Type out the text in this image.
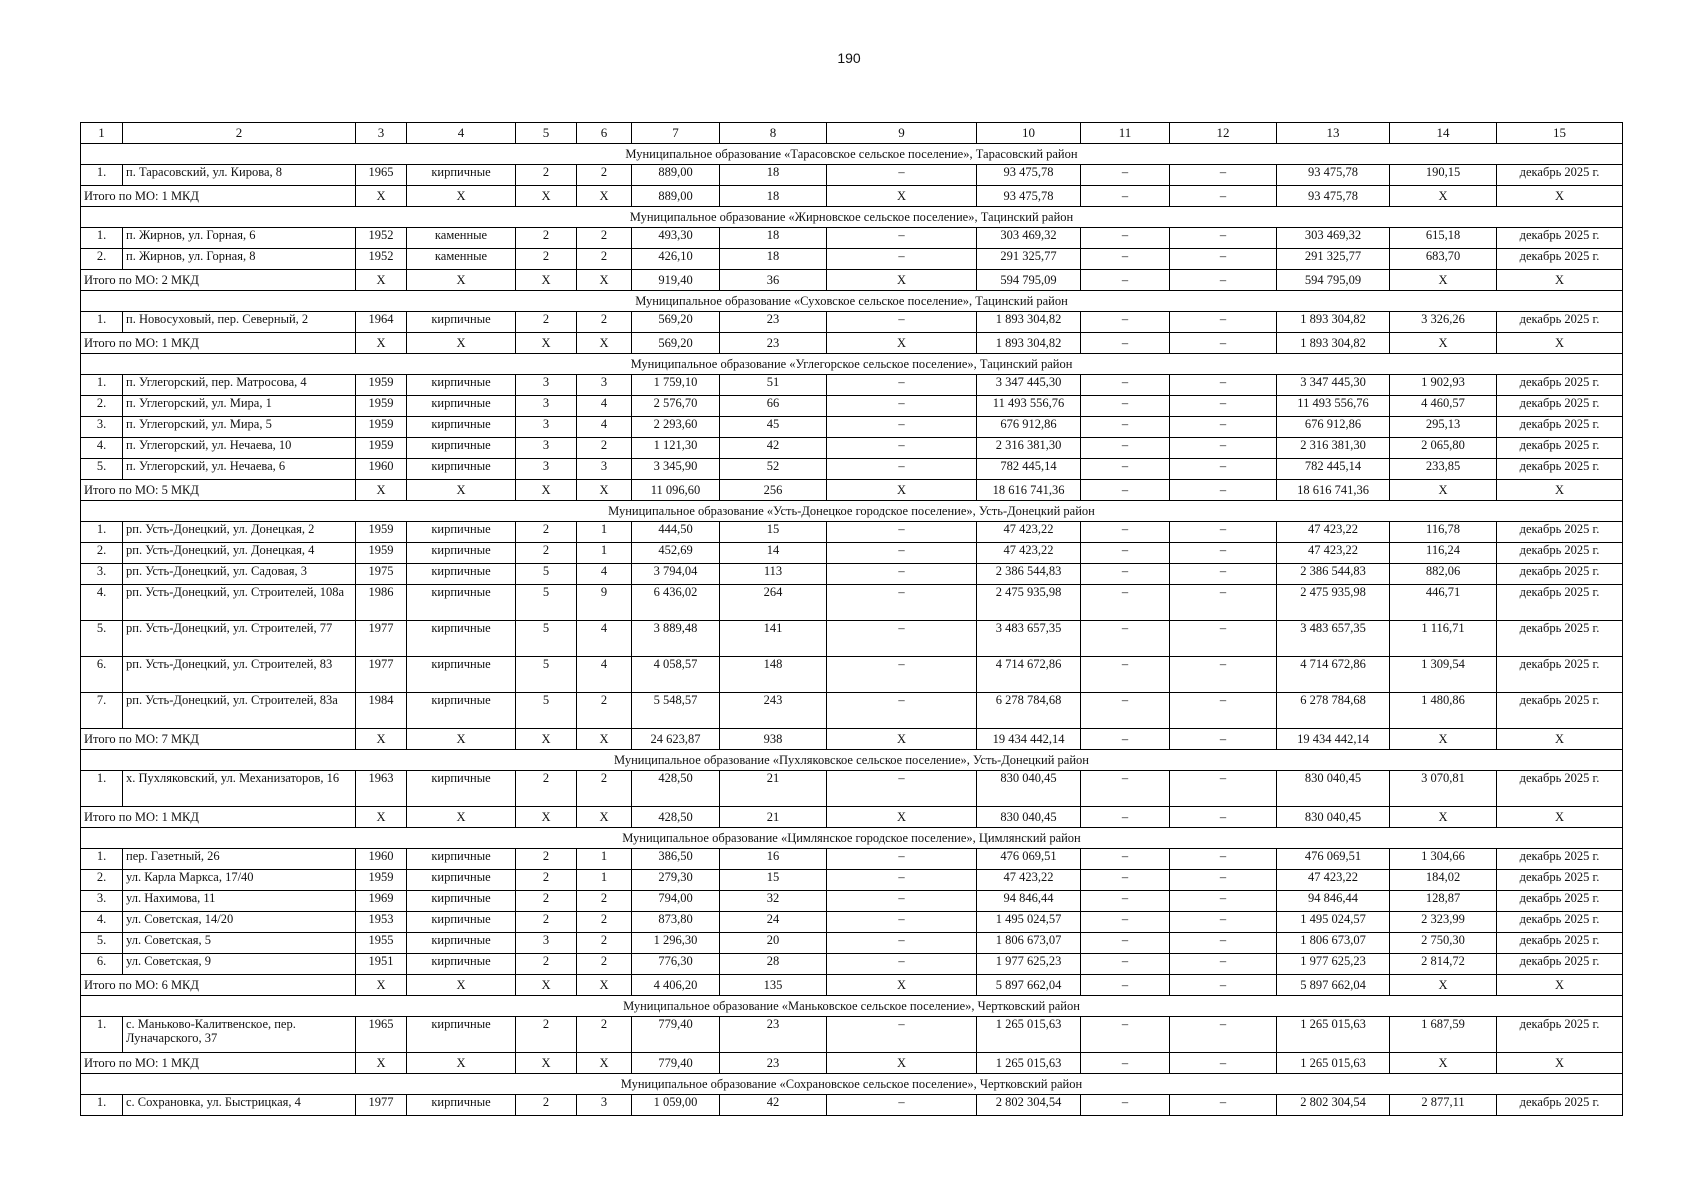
190
1	2	3	4	5	6	7	8	9	10	11	12	13	14	15
Муниципальное образование «Тарасовское сельское поселение», Тарасовский район														
1.	п. Тарасовский, ул. Кирова, 8	1965	кирпичные	2	2	889,00	18	–	93 475,78	–	–	93 475,78	190,15	декабрь 2025 г.
Итого по МО: 1 МКД		X	X	X	X	889,00	18	X	93 475,78	–	–	93 475,78	X	X
Муниципальное образование «Жирновское сельское поселение», Тацинский район														
1.	п. Жирнов, ул. Горная, 6	1952	каменные	2	2	493,30	18	–	303 469,32	–	–	303 469,32	615,18	декабрь 2025 г.
2.	п. Жирнов, ул. Горная, 8	1952	каменные	2	2	426,10	18	–	291 325,77	–	–	291 325,77	683,70	декабрь 2025 г.
Итого по МО: 2 МКД		X	X	X	X	919,40	36	X	594 795,09	–	–	594 795,09	X	X
Муниципальное образование «Суховское сельское поселение», Тацинский район														
1.	п. Новосуховый, пер. Северный, 2	1964	кирпичные	2	2	569,20	23	–	1 893 304,82	–	–	1 893 304,82	3 326,26	декабрь 2025 г.
Итого по МО: 1 МКД		X	X	X	X	569,20	23	X	1 893 304,82	–	–	1 893 304,82	X	X
Муниципальное образование «Углегорское сельское поселение», Тацинский район														
1.	п. Углегорский, пер. Матросова, 4	1959	кирпичные	3	3	1 759,10	51	–	3 347 445,30	–	–	3 347 445,30	1 902,93	декабрь 2025 г.
2.	п. Углегорский, ул. Мира, 1	1959	кирпичные	3	4	2 576,70	66	–	11 493 556,76	–	–	11 493 556,76	4 460,57	декабрь 2025 г.
3.	п. Углегорский, ул. Мира, 5	1959	кирпичные	3	4	2 293,60	45	–	676 912,86	–	–	676 912,86	295,13	декабрь 2025 г.
4.	п. Углегорский, ул. Нечаева, 10	1959	кирпичные	3	2	1 121,30	42	–	2 316 381,30	–	–	2 316 381,30	2 065,80	декабрь 2025 г.
5.	п. Углегорский, ул. Нечаева, 6	1960	кирпичные	3	3	3 345,90	52	–	782 445,14	–	–	782 445,14	233,85	декабрь 2025 г.
Итого по МО: 5 МКД		X	X	X	X	11 096,60	256	X	18 616 741,36	–	–	18 616 741,36	X	X
Муниципальное образование «Усть-Донецкое городское поселение», Усть-Донецкий район														
1.	рп. Усть-Донецкий, ул. Донецкая, 2	1959	кирпичные	2	1	444,50	15	–	47 423,22	–	–	47 423,22	116,78	декабрь 2025 г.
2.	рп. Усть-Донецкий, ул. Донецкая, 4	1959	кирпичные	2	1	452,69	14	–	47 423,22	–	–	47 423,22	116,24	декабрь 2025 г.
3.	рп. Усть-Донецкий, ул. Садовая, 3	1975	кирпичные	5	4	3 794,04	113	–	2 386 544,83	–	–	2 386 544,83	882,06	декабрь 2025 г.
4.	рп. Усть-Донецкий, ул. Строителей, 108а	1986	кирпичные	5	9	6 436,02	264	–	2 475 935,98	–	–	2 475 935,98	446,71	декабрь 2025 г.
5.	рп. Усть-Донецкий, ул. Строителей, 77	1977	кирпичные	5	4	3 889,48	141	–	3 483 657,35	–	–	3 483 657,35	1 116,71	декабрь 2025 г.
6.	рп. Усть-Донецкий, ул. Строителей, 83	1977	кирпичные	5	4	4 058,57	148	–	4 714 672,86	–	–	4 714 672,86	1 309,54	декабрь 2025 г.
7.	рп. Усть-Донецкий, ул. Строителей, 83а	1984	кирпичные	5	2	5 548,57	243	–	6 278 784,68	–	–	6 278 784,68	1 480,86	декабрь 2025 г.
Итого по МО: 7 МКД		X	X	X	X	24 623,87	938	X	19 434 442,14	–	–	19 434 442,14	X	X
Муниципальное образование «Пухляковское сельское поселение», Усть-Донецкий район														
1.	х. Пухляковский, ул. Механизаторов, 16	1963	кирпичные	2	2	428,50	21	–	830 040,45	–	–	830 040,45	3 070,81	декабрь 2025 г.
Итого по МО: 1 МКД		X	X	X	X	428,50	21	X	830 040,45	–	–	830 040,45	X	X
Муниципальное образование «Цимлянское городское поселение», Цимлянский район														
1.	пер. Газетный, 26	1960	кирпичные	2	1	386,50	16	–	476 069,51	–	–	476 069,51	1 304,66	декабрь 2025 г.
2.	ул. Карла Маркса, 17/40	1959	кирпичные	2	1	279,30	15	–	47 423,22	–	–	47 423,22	184,02	декабрь 2025 г.
3.	ул. Нахимова, 11	1969	кирпичные	2	2	794,00	32	–	94 846,44	–	–	94 846,44	128,87	декабрь 2025 г.
4.	ул. Советская, 14/20	1953	кирпичные	2	2	873,80	24	–	1 495 024,57	–	–	1 495 024,57	2 323,99	декабрь 2025 г.
5.	ул. Советская, 5	1955	кирпичные	3	2	1 296,30	20	–	1 806 673,07	–	–	1 806 673,07	2 750,30	декабрь 2025 г.
6.	ул. Советская, 9	1951	кирпичные	2	2	776,30	28	–	1 977 625,23	–	–	1 977 625,23	2 814,72	декабрь 2025 г.
Итого по МО: 6 МКД		X	X	X	X	4 406,20	135	X	5 897 662,04	–	–	5 897 662,04	X	X
Муниципальное образование «Маньковское сельское поселение», Чертковский район														
1.	с. Маньково-Калитвенское, пер. Луначарского, 37	1965	кирпичные	2	2	779,40	23	–	1 265 015,63	–	–	1 265 015,63	1 687,59	декабрь 2025 г.
Итого по МО: 1 МКД		X	X	X	X	779,40	23	X	1 265 015,63	–	–	1 265 015,63	X	X
Муниципальное образование «Сохрановское сельское поселение», Чертковский район														
1.	с. Сохрановка, ул. Быстрицкая, 4	1977	кирпичные	2	3	1 059,00	42	–	2 802 304,54	–	–	2 802 304,54	2 877,11	декабрь 2025 г.
